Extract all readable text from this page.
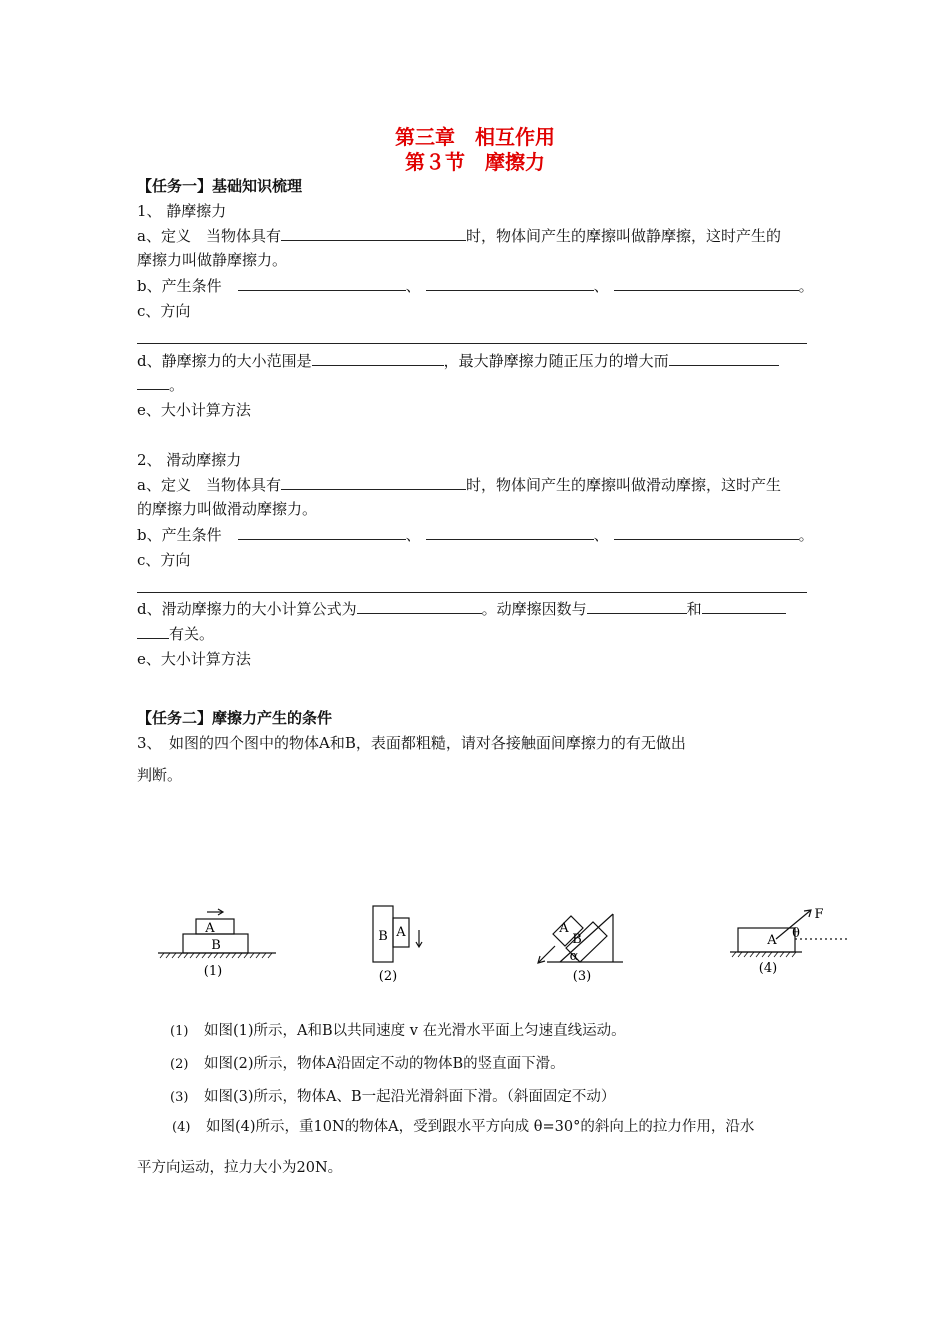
第三章　相互作用
第３节　摩擦力
【任务一】基础知识梳理
1、 静摩擦力
a、定义　当物体具有	时，物体间产生的摩擦叫做静摩擦，这时产生的
摩擦力叫做静摩擦力。
b、产生条件	、	、	。
c、方向
d、静摩擦力的大小范围是	，最大静摩擦力随正压力的增大而
。
e、大小计算方法
2、 滑动摩擦力
a、定义　当物体具有	时，物体间产生的摩擦叫做滑动摩擦，这时产生
的摩擦力叫做滑动摩擦力。
b、产生条件	、	、	。
c、方向
d、滑动摩擦力的大小计算公式为	。动摩擦因数与	和
有关。
e、大小计算方法
【任务二】摩擦力产生的条件
3、　如图的四个图中的物体A和B，表面都粗糙，请对各接触面间摩擦力的有无做出
判断。
A
B
(1)
B A
(2)
A
B
α
(3)
A θ
F
(4)
(1) 如图(1)所示，A和B以共同速度 v 在光滑水平面上匀速直线运动。
(2) 如图(2)所示，物体A沿固定不动的物体B的竖直面下滑。
(3) 如图(3)所示，物体A、B一起沿光滑斜面下滑。（斜面固定不动）
(4) 如图(4)所示，重10N的物体A，受到跟水平方向成 θ=30°的斜向上的拉力作用，沿水
平方向运动，拉力大小为20N。
